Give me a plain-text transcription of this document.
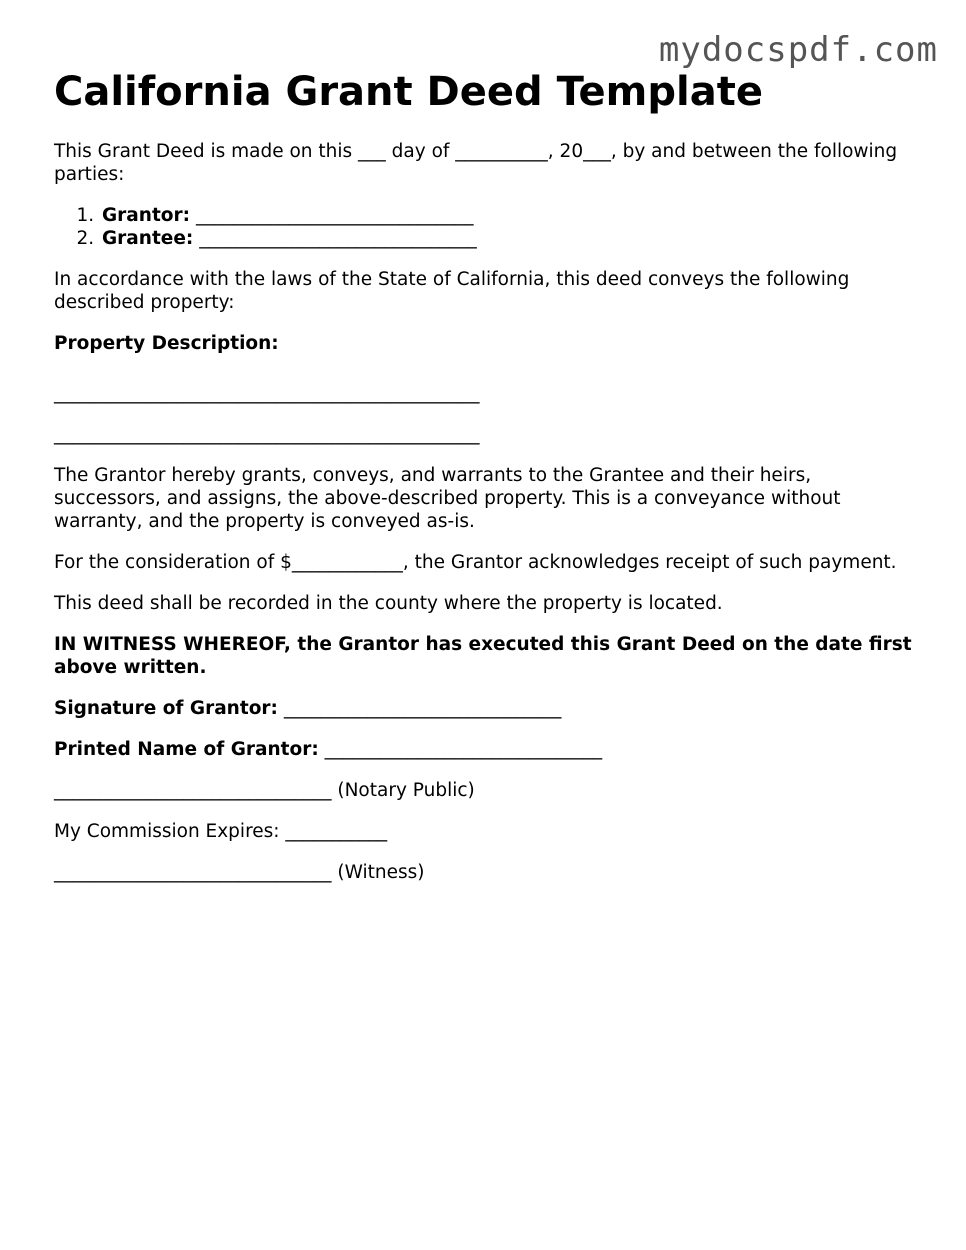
mydocspdf.com
California Grant Deed Template

This Grant Deed is made on this ___ day of __________, 20___, by and between the following parties:

1. Grantor: ______________________________
2. Grantee: ______________________________

In accordance with the laws of the State of California, this deed conveys the following described property:

Property Description:

______________________________________________
______________________________________________

The Grantor hereby grants, conveys, and warrants to the Grantee and their heirs, successors, and assigns, the above-described property. This is a conveyance without warranty, and the property is conveyed as-is.

For the consideration of $____________, the Grantor acknowledges receipt of such payment.

This deed shall be recorded in the county where the property is located.

IN WITNESS WHEREOF, the Grantor has executed this Grant Deed on the date first above written.

Signature of Grantor: ______________________________

Printed Name of Grantor: ______________________________

______________________________ (Notary Public)

My Commission Expires: ___________

______________________________ (Witness)
